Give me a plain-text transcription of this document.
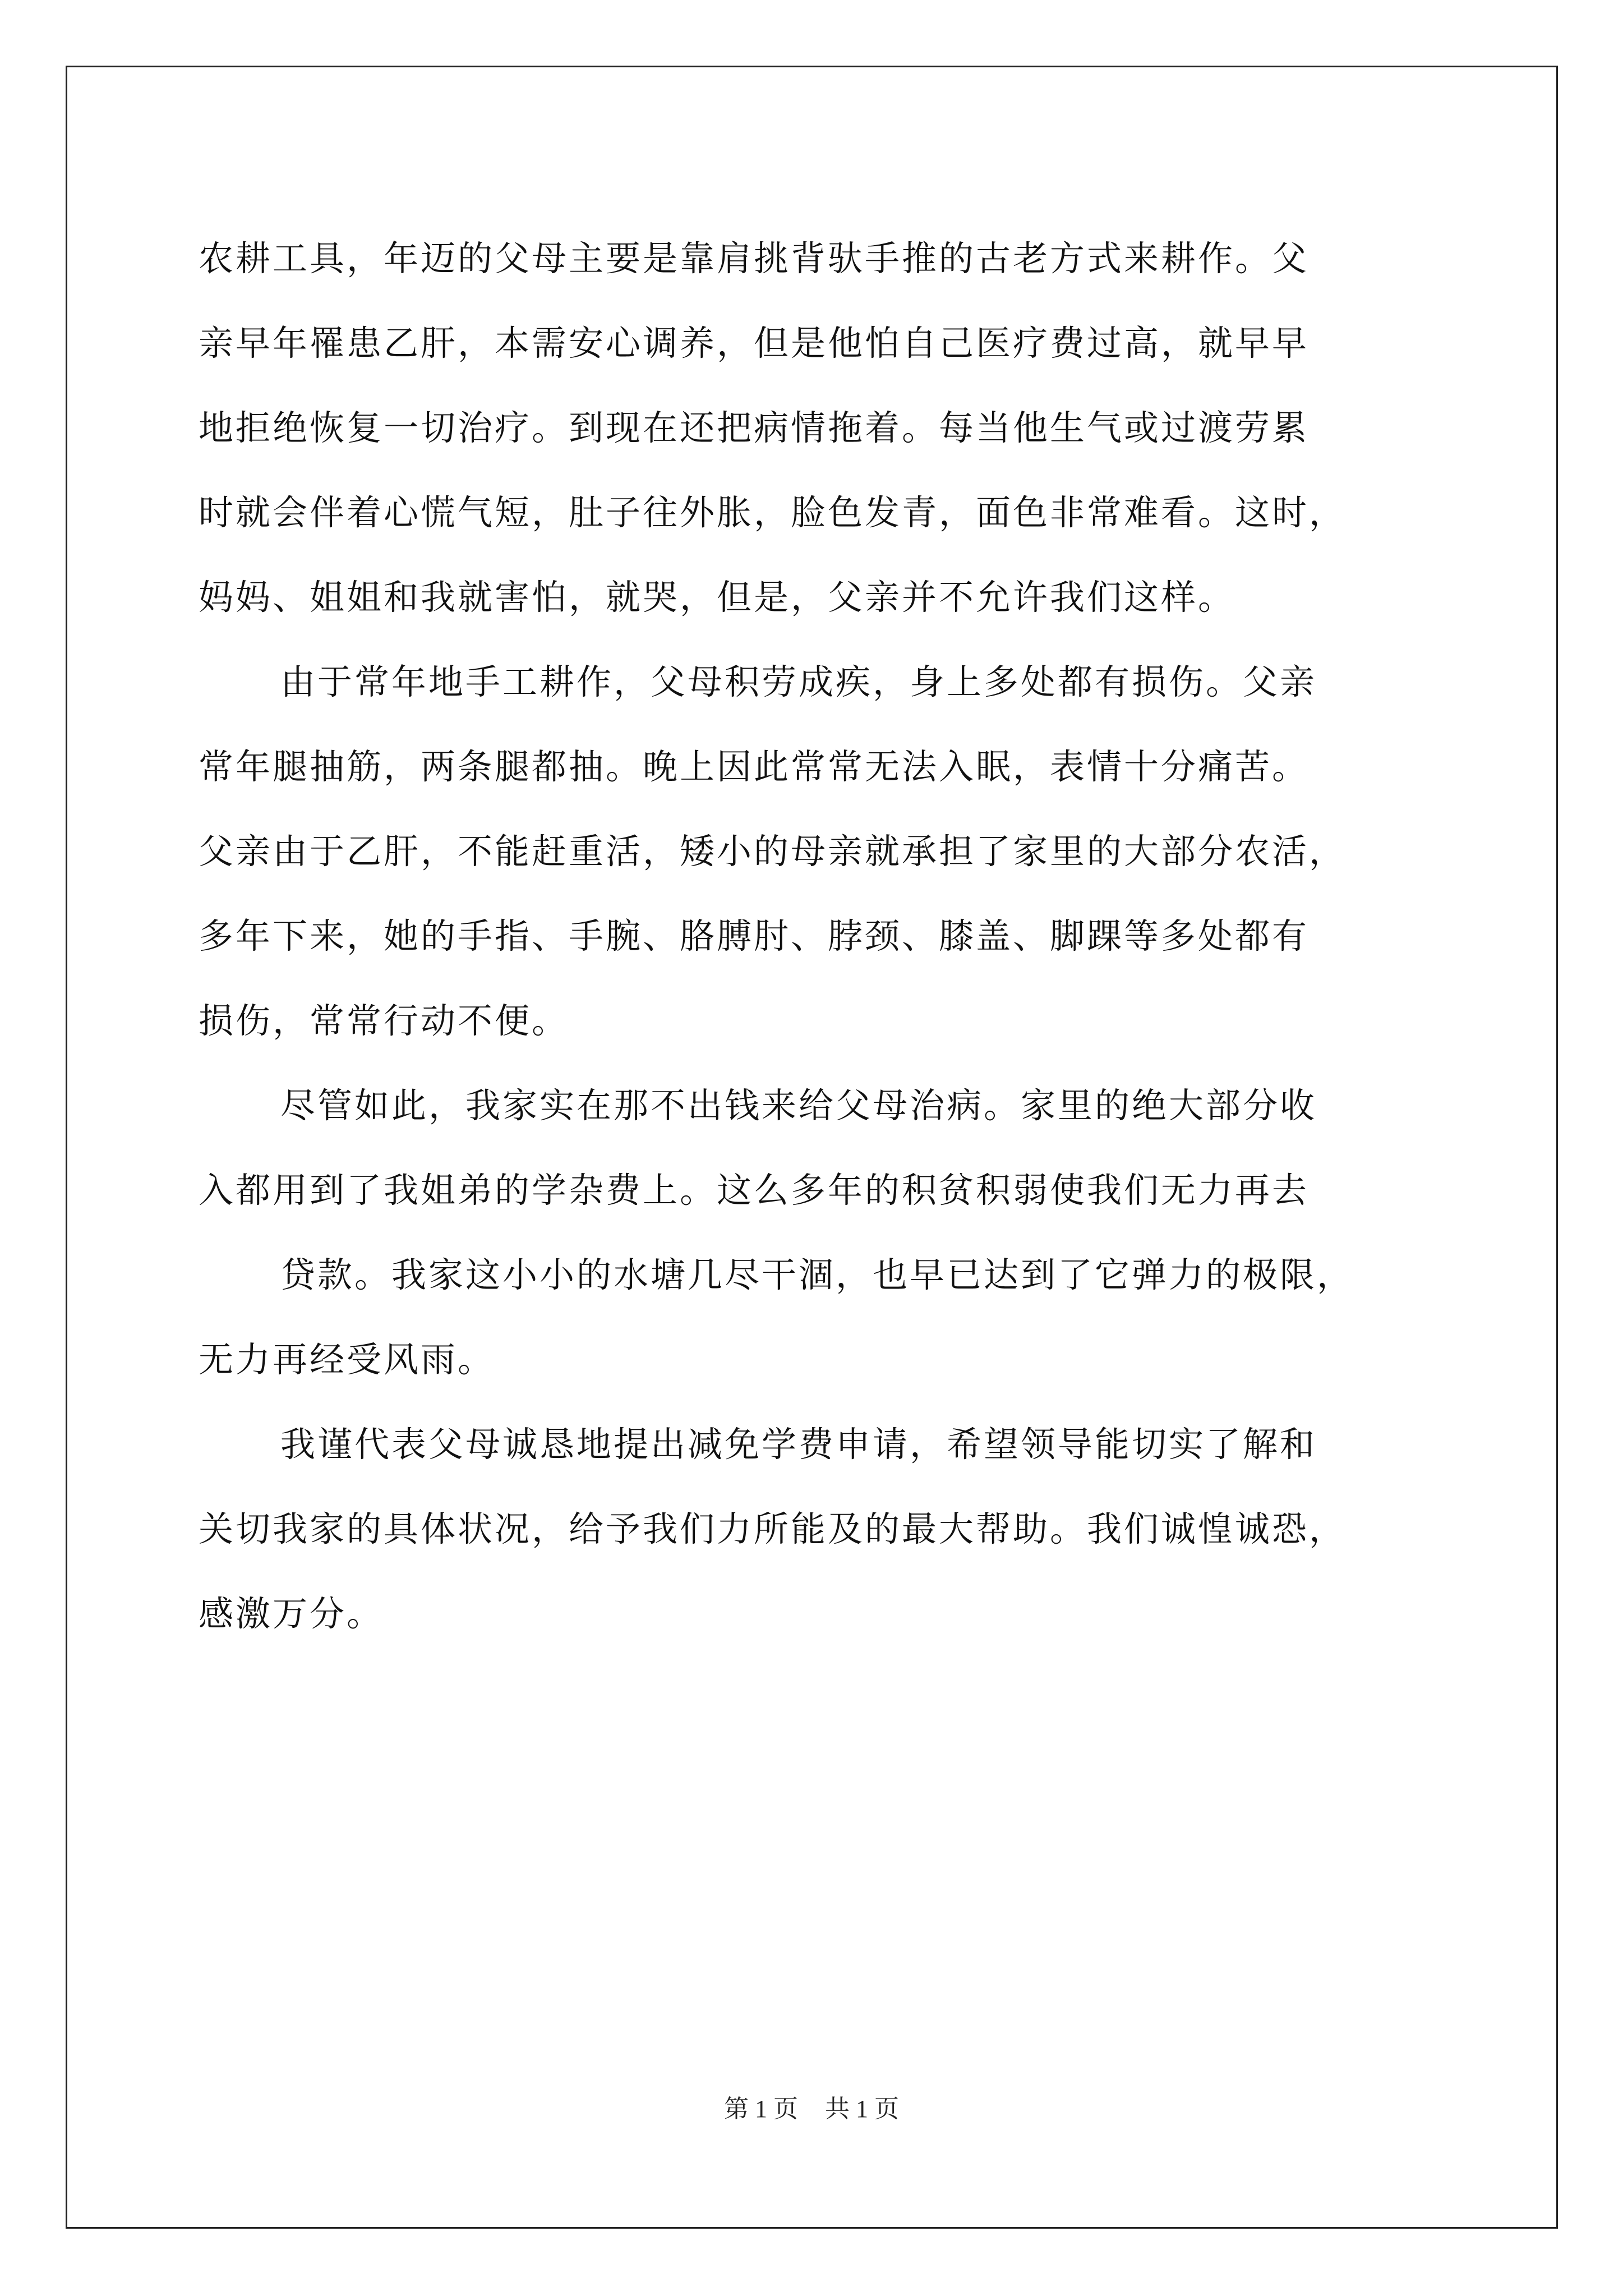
农耕工具，年迈的父母主要是靠肩挑背驮手推的古老方式来耕作。父
亲早年罹患乙肝，本需安心调养，但是他怕自己医疗费过高，就早早
地拒绝恢复一切治疗。到现在还把病情拖着。每当他生气或过渡劳累
时就会伴着心慌气短，肚子往外胀，脸色发青，面色非常难看。这时，
妈妈、姐姐和我就害怕，就哭，但是，父亲并不允许我们这样。
由于常年地手工耕作，父母积劳成疾，身上多处都有损伤。父亲
常年腿抽筋，两条腿都抽。晚上因此常常无法入眠，表情十分痛苦。
父亲由于乙肝，不能赶重活，矮小的母亲就承担了家里的大部分农活，
多年下来，她的手指、手腕、胳膊肘、脖颈、膝盖、脚踝等多处都有
损伤，常常行动不便。
尽管如此，我家实在那不出钱来给父母治病。家里的绝大部分收
入都用到了我姐弟的学杂费上。这么多年的积贫积弱使我们无力再去
贷款。我家这小小的水塘几尽干涸，也早已达到了它弹力的极限，
无力再经受风雨。
我谨代表父母诚恳地提出减免学费申请，希望领导能切实了解和
关切我家的具体状况，给予我们力所能及的最大帮助。我们诚惶诚恐，
感激万分。
第 1 页 共 1 页
